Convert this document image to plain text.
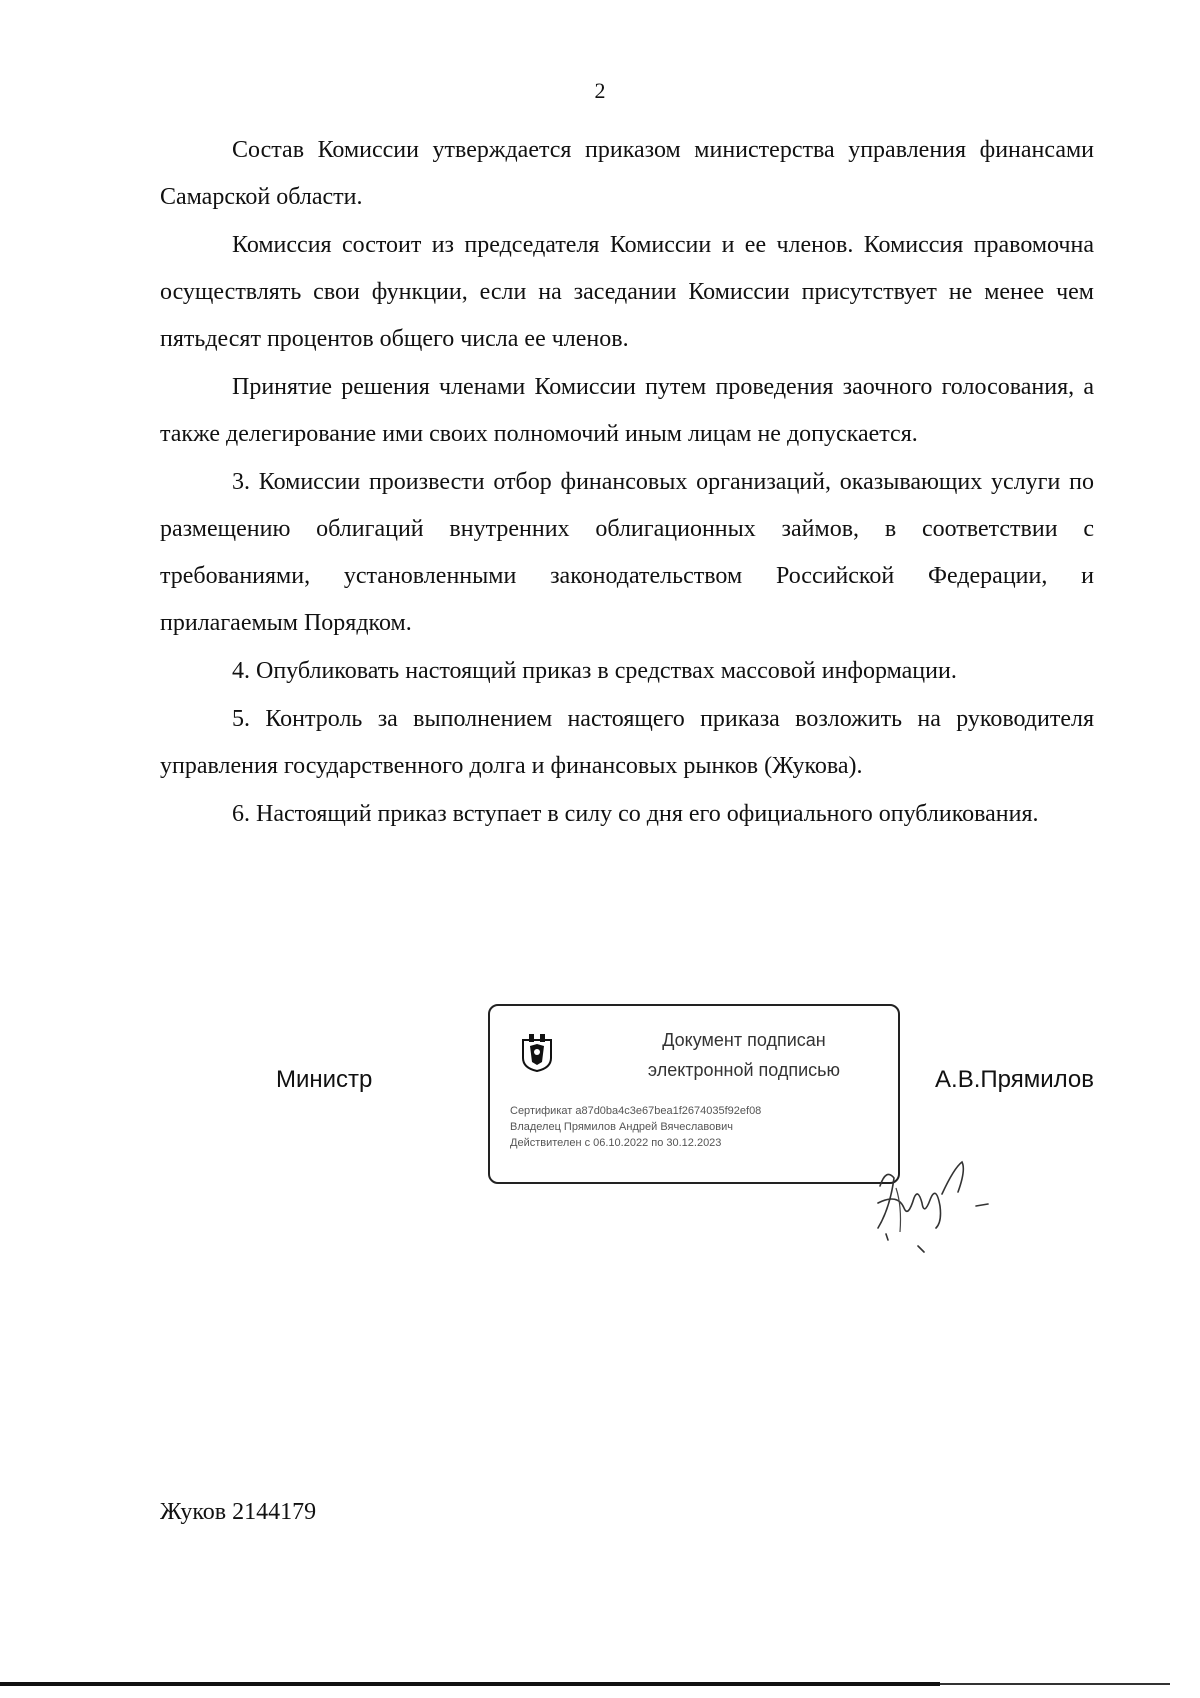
2

Состав Комиссии утверждается приказом министерства управления финансами Самарской области.

Комиссия состоит из председателя Комиссии и ее членов. Комиссия правомочна осуществлять свои функции, если на заседании Комиссии присутствует не менее чем пятьдесят процентов общего числа ее членов.

Принятие решения членами Комиссии путем проведения заочного голосования, а также делегирование ими своих полномочий иным лицам не допускается.

3. Комиссии произвести отбор финансовых организаций, оказывающих услуги по размещению облигаций внутренних облигационных займов, в соответствии с требованиями, установленными законодательством Российской Федерации, и прилагаемым Порядком.

4. Опубликовать настоящий приказ в средствах массовой информации.

5. Контроль за выполнением настоящего приказа возложить на руководителя управления государственного долга и финансовых рынков (Жукова).

6. Настоящий приказ вступает в силу со дня его официального опубликования.

Министр
Документ подписан
электронной подписью
Сертификат a87d0ba4c3e67bea1f2674035f92ef08
Владелец Прямилов Андрей Вячеславович
Действителен с 06.10.2022 по 30.12.2023
А.В.Прямилов
Жуков 2144179
